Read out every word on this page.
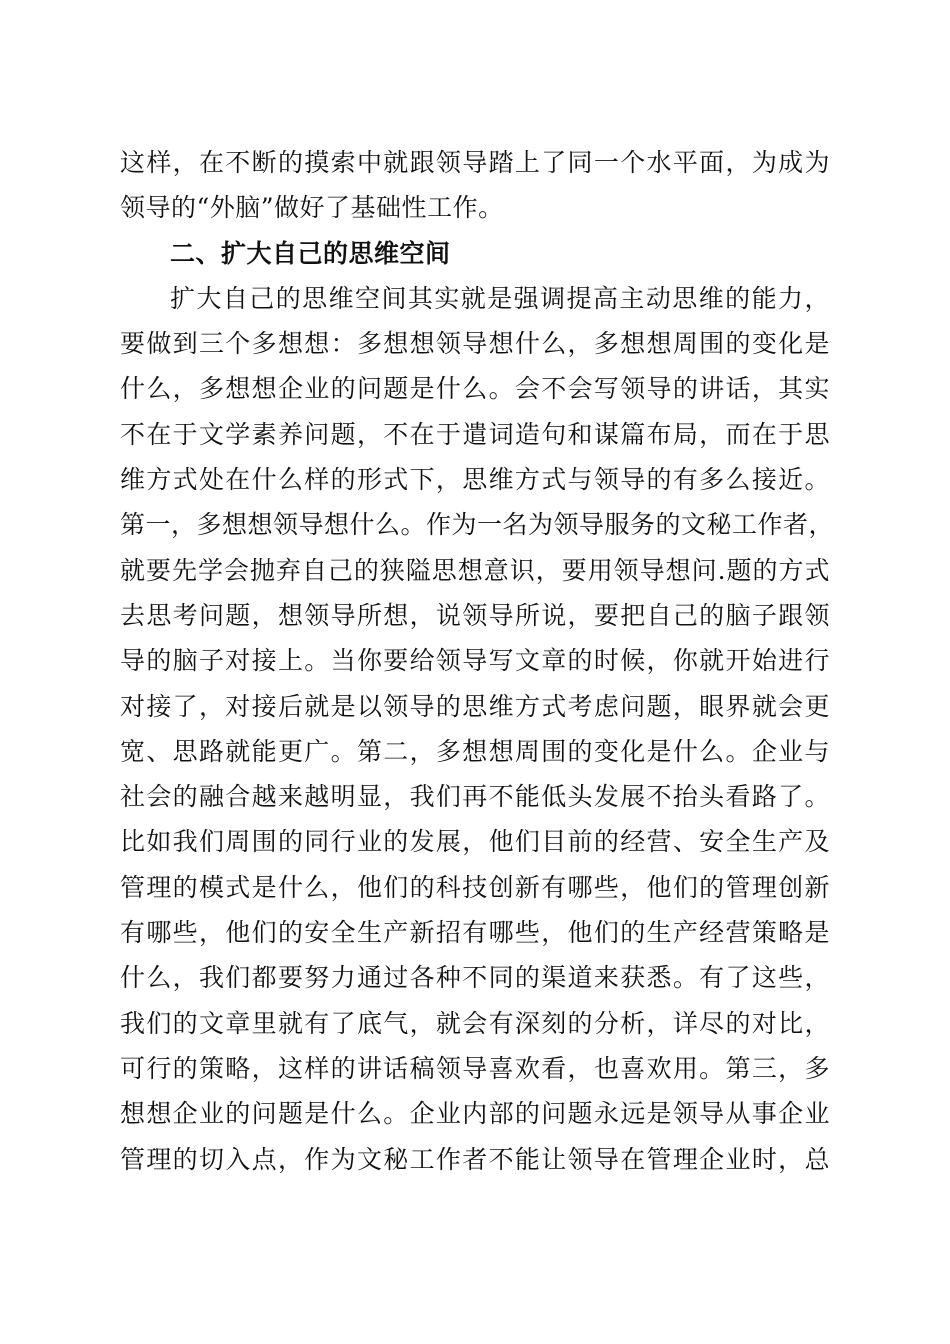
这样，在不断的摸索中就跟领导踏上了同一个水平面，为成为
领导的“外脑”做好了基础性工作。
二、扩大自己的思维空间
扩大自己的思维空间其实就是强调提高主动思维的能力，
要做到三个多想想：多想想领导想什么，多想想周围的变化是
什么，多想想企业的问题是什么。会不会写领导的讲话，其实
不在于文学素养问题，不在于遣词造句和谋篇布局，而在于思
维方式处在什么样的形式下，思维方式与领导的有多么接近。
第一，多想想领导想什么。作为一名为领导服务的文秘工作者，
就要先学会抛弃自己的狭隘思想意识，要用领导想问.题的方式
去思考问题，想领导所想，说领导所说，要把自己的脑子跟领
导的脑子对接上。当你要给领导写文章的时候，你就开始进行
对接了，对接后就是以领导的思维方式考虑问题，眼界就会更
宽、思路就能更广。第二，多想想周围的变化是什么。企业与
社会的融合越来越明显，我们再不能低头发展不抬头看路了。
比如我们周围的同行业的发展，他们目前的经营、安全生产及
管理的模式是什么，他们的科技创新有哪些，他们的管理创新
有哪些，他们的安全生产新招有哪些，他们的生产经营策略是
什么，我们都要努力通过各种不同的渠道来获悉。有了这些，
我们的文章里就有了底气，就会有深刻的分析，详尽的对比，
可行的策略，这样的讲话稿领导喜欢看，也喜欢用。第三，多
想想企业的问题是什么。企业内部的问题永远是领导从事企业
管理的切入点，作为文秘工作者不能让领导在管理企业时，总
